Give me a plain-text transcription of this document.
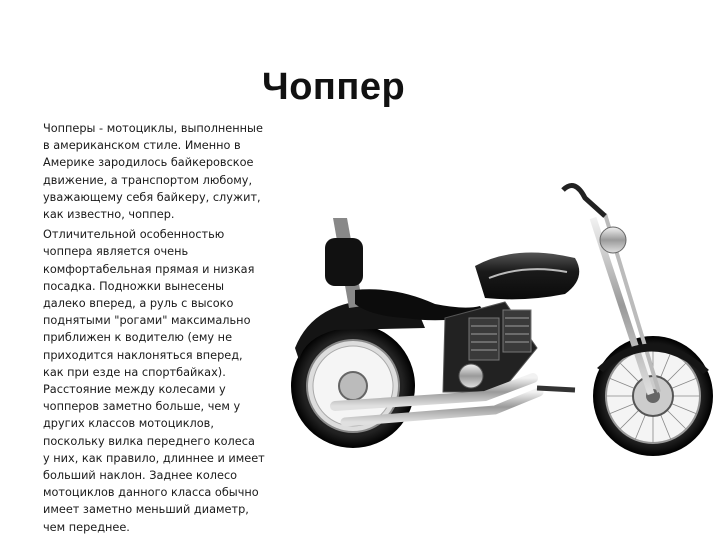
Чоппер

Чопперы - мотоциклы, выполненные в американском стиле. Именно в Америке зародилось байкеровское движение, а транспортом любому, уважающему себя байкеру, служит, как известно, чоппер.

Отличительной особенностью чоппера является очень комфортабельная прямая и низкая посадка. Подножки вынесены далеко вперед, а руль с высоко поднятыми "рогами" максимально приближен к водителю (ему не приходится наклоняться вперед, как при езде на спортбайках). Расстояние между колесами у чопперов заметно больше, чем у других классов мотоциклов, поскольку вилка переднего колеса у них, как правило, длиннее и имеет больший наклон. Заднее колесо мотоциклов данного класса обычно имеет заметно меньший диаметр, чем переднее.
